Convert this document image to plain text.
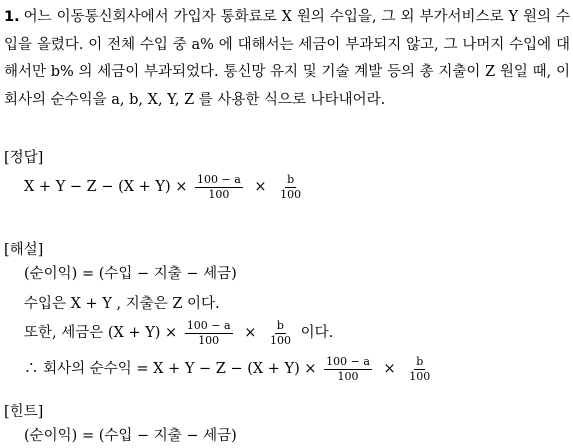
1. 어느 이동통신회사에서 가입자 통화료로 X 원의 수입을, 그 외 부가서비스로 Y 원의 수입을 올렸다. 이 전체 수입 중 a% 에 대해서는 세금이 부과되지 않고, 그 나머지 수입에 대해서만 b% 의 세금이 부과되었다. 통신망 유지 및 기술 계발 등의 총 지출이 Z 원일 때, 이 회사의 순수익을 a, b, X, Y, Z 를 사용한 식으로 나타내어라.
[정답]
$X + Y - Z - (X + Y) \times \frac{100 - a}{100} \times \frac{b}{100}$
[해설]
(순이익) = (수입 − 지출 − 세금)
수입은 X + Y , 지출은 Z 이다.
또한, 세금은 $(X + Y) \times \frac{100 - a}{100} \times \frac{b}{100}$ 이다.
∴ 회사의 순수익 = $X + Y - Z - (X + Y) \times \frac{100 - a}{100} \times \frac{b}{100}$
[힌트]
(순이익) = (수입 − 지출 − 세금)
